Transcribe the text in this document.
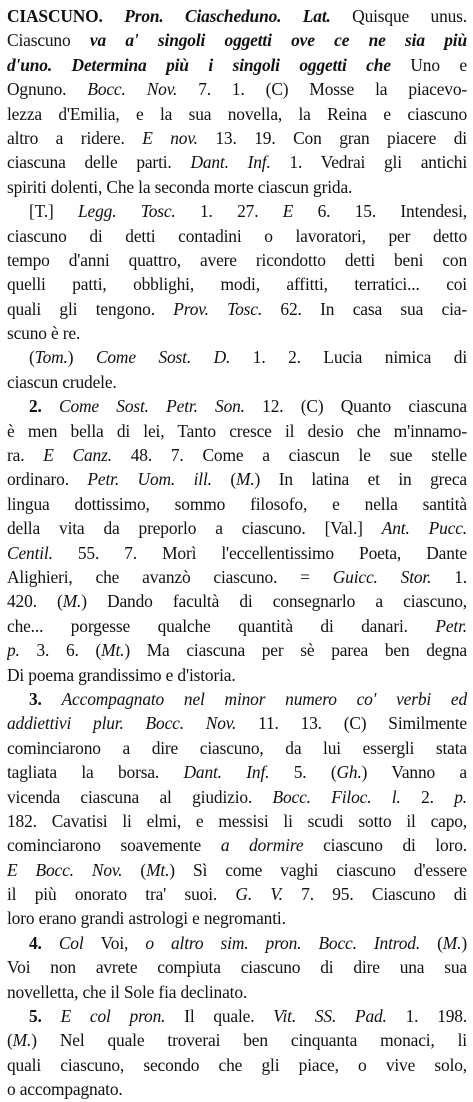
CIASCUNO. Pron. Ciascheduno. Lat. Quisque unus.
Ciascuno va a' singoli oggetti ove ce ne sia più
d'uno. Determina più i singoli oggetti che Uno e
Ognuno. Bocc. Nov. 7. 1. (C) Mosse la piacevo-
lezza d'Emilia, e la sua novella, la Reina e ciascuno
altro a ridere. E nov. 13. 19. Con gran piacere di
ciascuna delle parti. Dant. Inf. 1. Vedrai gli antichi
spiriti dolenti, Che la seconda morte ciascun grida.
[T.] Legg. Tosc. 1. 27. E 6. 15. Intendesi,
ciascuno di detti contadini o lavoratori, per detto
tempo d'anni quattro, avere ricondotto detti beni con
quelli patti, obblighi, modi, affitti, terratici... coi
quali gli tengono. Prov. Tosc. 62. In casa sua cia-
scuno è re.
(Tom.) Come Sost. D. 1. 2. Lucia nimica di
ciascun crudele.
2. Come Sost. Petr. Son. 12. (C) Quanto ciascuna
è men bella di lei, Tanto cresce il desio che m'innamo-
ra. E Canz. 48. 7. Come a ciascun le sue stelle
ordinaro. Petr. Uom. ill. (M.) In latina et in greca
lingua dottissimo, sommo filosofo, e nella santità
della vita da preporlo a ciascuno. [Val.] Ant. Pucc.
Centil. 55. 7. Morì l'eccellentissimo Poeta, Dante
Alighieri, che avanzò ciascuno. = Guicc. Stor. 1.
420. (M.) Dando facultà di consegnarlo a ciascuno,
che... porgesse qualche quantità di danari. Petr.
p. 3. 6. (Mt.) Ma ciascuna per sè parea ben degna
Di poema grandissimo e d'istoria.
3. Accompagnato nel minor numero co' verbi ed
addiettivi plur. Bocc. Nov. 11. 13. (C) Similmente
cominciarono a dire ciascuno, da lui essergli stata
tagliata la borsa. Dant. Inf. 5. (Gh.) Vanno a
vicenda ciascuna al giudizio. Bocc. Filoc. l. 2. p.
182. Cavatisi li elmi, e messisi li scudi sotto il capo,
cominciarono soavemente a dormire ciascuno di loro.
E Bocc. Nov. (Mt.) Sì come vaghi ciascuno d'essere
il più onorato tra' suoi. G. V. 7. 95. Ciascuno di
loro erano grandi astrologi e negromanti.
4. Col Voi, o altro sim. pron. Bocc. Introd. (M.)
Voi non avrete compiuta ciascuno di dire una sua
novelletta, che il Sole fia declinato.
5. E col pron. Il quale. Vit. SS. Pad. 1. 198.
(M.) Nel quale troverai ben cinquanta monaci, li
quali ciascuno, secondo che gli piace, o vive solo,
o accompagnato.
